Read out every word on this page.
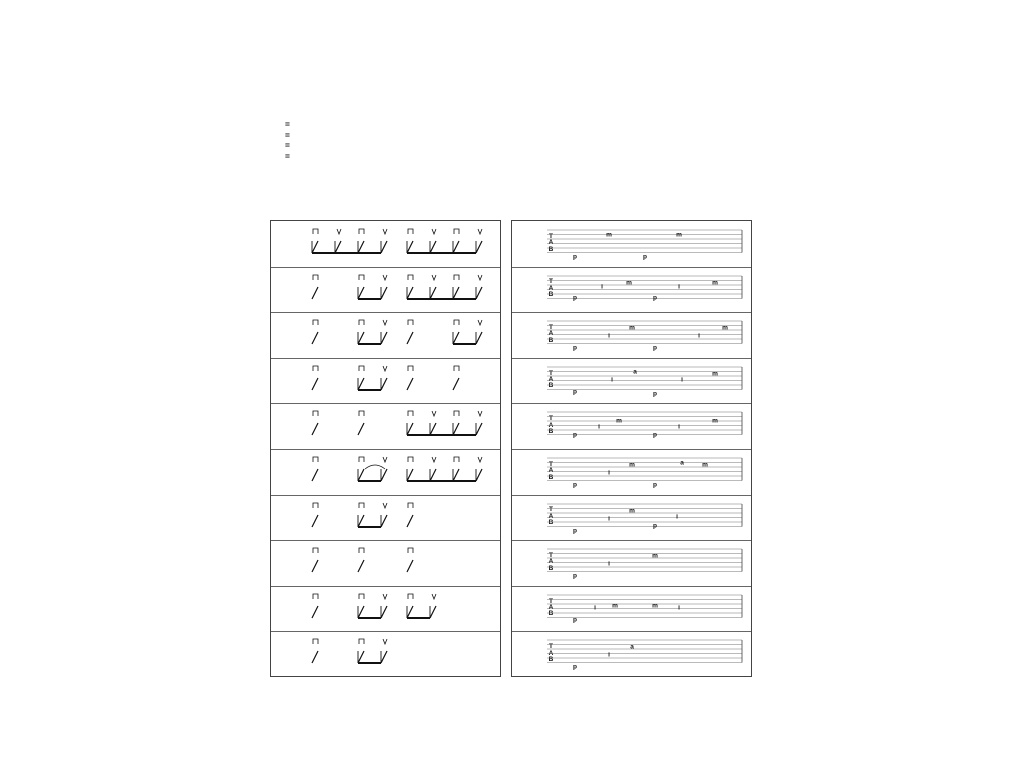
=
=
=
=
T
A
B
p
m
p
m
T
A
B	p
i
m
p
i
m
T
A
B
p
i
m
p
i
m
T
A
B
p
i
a
p
i
m
T
A
B
p
i
m
p
i
m
T
A
B
p
i
m
p
a	m
T
A
B
p
i
m
p
i
T
A
B
p
i
m
T
A
B
p
i m	m	i
T
A
B
p
i
a
